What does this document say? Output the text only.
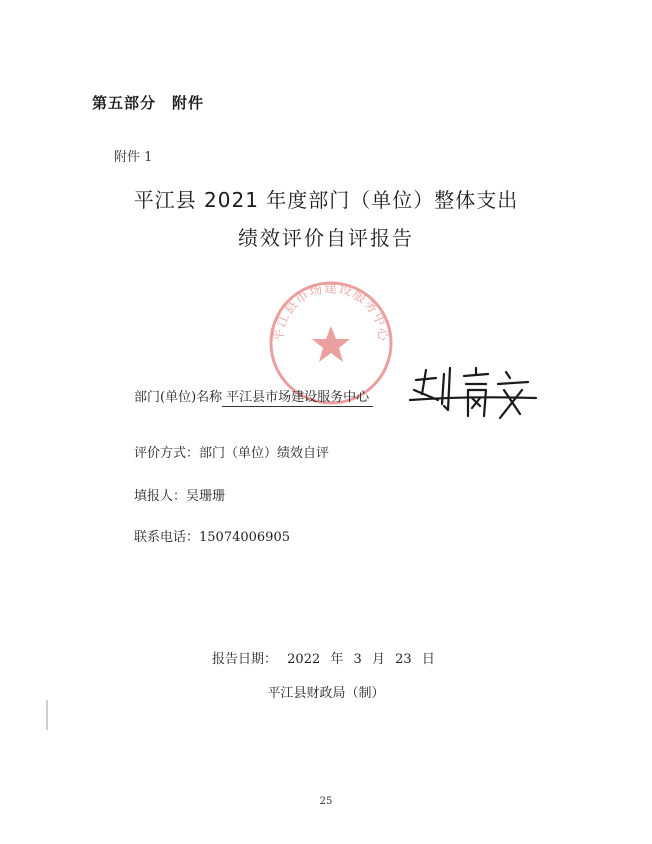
第五部分　附件
附件 1
平江县 2021 年度部门（单位）整体支出
绩效评价自评报告
平江县市场建设服务中心
部门(单位)名称 平江县市场建设服务中心
评价方式：部门（单位）绩效自评
填报人：吴珊珊
联系电话：15074006905
报告日期： 2022 年 3 月 23 日
平江县财政局（制）
25
